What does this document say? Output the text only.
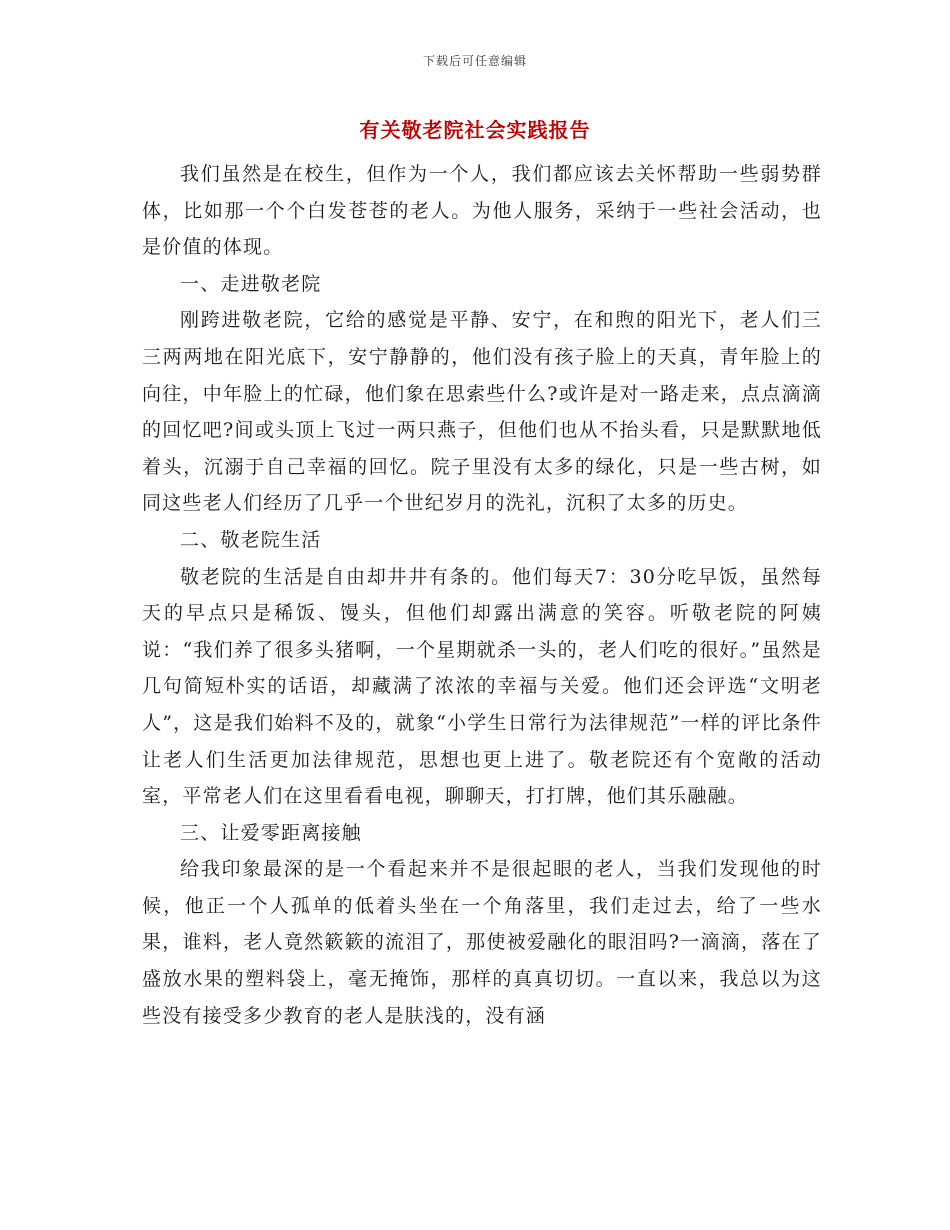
下载后可任意编辑
有关敬老院社会实践报告

我们虽然是在校生，但作为一个人，我们都应该去关怀帮助一些弱势群体，比如那一个个白发苍苍的老人。为他人服务，采纳于一些社会活动，也是价值的体现。

一、走进敬老院

刚跨进敬老院，它给的感觉是平静、安宁，在和煦的阳光下，老人们三三两两地在阳光底下，安宁静静的，他们没有孩子脸上的天真，青年脸上的向往，中年脸上的忙碌，他们象在思索些什么?或许是对一路走来，点点滴滴的回忆吧?间或头顶上飞过一两只燕子，但他们也从不抬头看，只是默默地低着头，沉溺于自己幸福的回忆。院子里没有太多的绿化，只是一些古树，如同这些老人们经历了几乎一个世纪岁月的洗礼，沉积了太多的历史。

二、敬老院生活

敬老院的生活是自由却井井有条的。他们每天7：30分吃早饭，虽然每天的早点只是稀饭、馒头，但他们却露出满意的笑容。听敬老院的阿姨说：“我们养了很多头猪啊，一个星期就杀一头的，老人们吃的很好。”虽然是几句简短朴实的话语，却藏满了浓浓的幸福与关爱。他们还会评选“文明老人”，这是我们始料不及的，就象“小学生日常行为法律规范”一样的评比条件让老人们生活更加法律规范，思想也更上进了。敬老院还有个宽敞的活动室，平常老人们在这里看看电视，聊聊天，打打牌，他们其乐融融。

三、让爱零距离接触

给我印象最深的是一个看起来并不是很起眼的老人，当我们发现他的时候，他正一个人孤单的低着头坐在一个角落里，我们走过去，给了一些水果，谁料，老人竟然簌簌的流泪了，那使被爱融化的眼泪吗?一滴滴，落在了盛放水果的塑料袋上，毫无掩饰，那样的真真切切。一直以来，我总以为这些没有接受多少教育的老人是肤浅的，没有涵
